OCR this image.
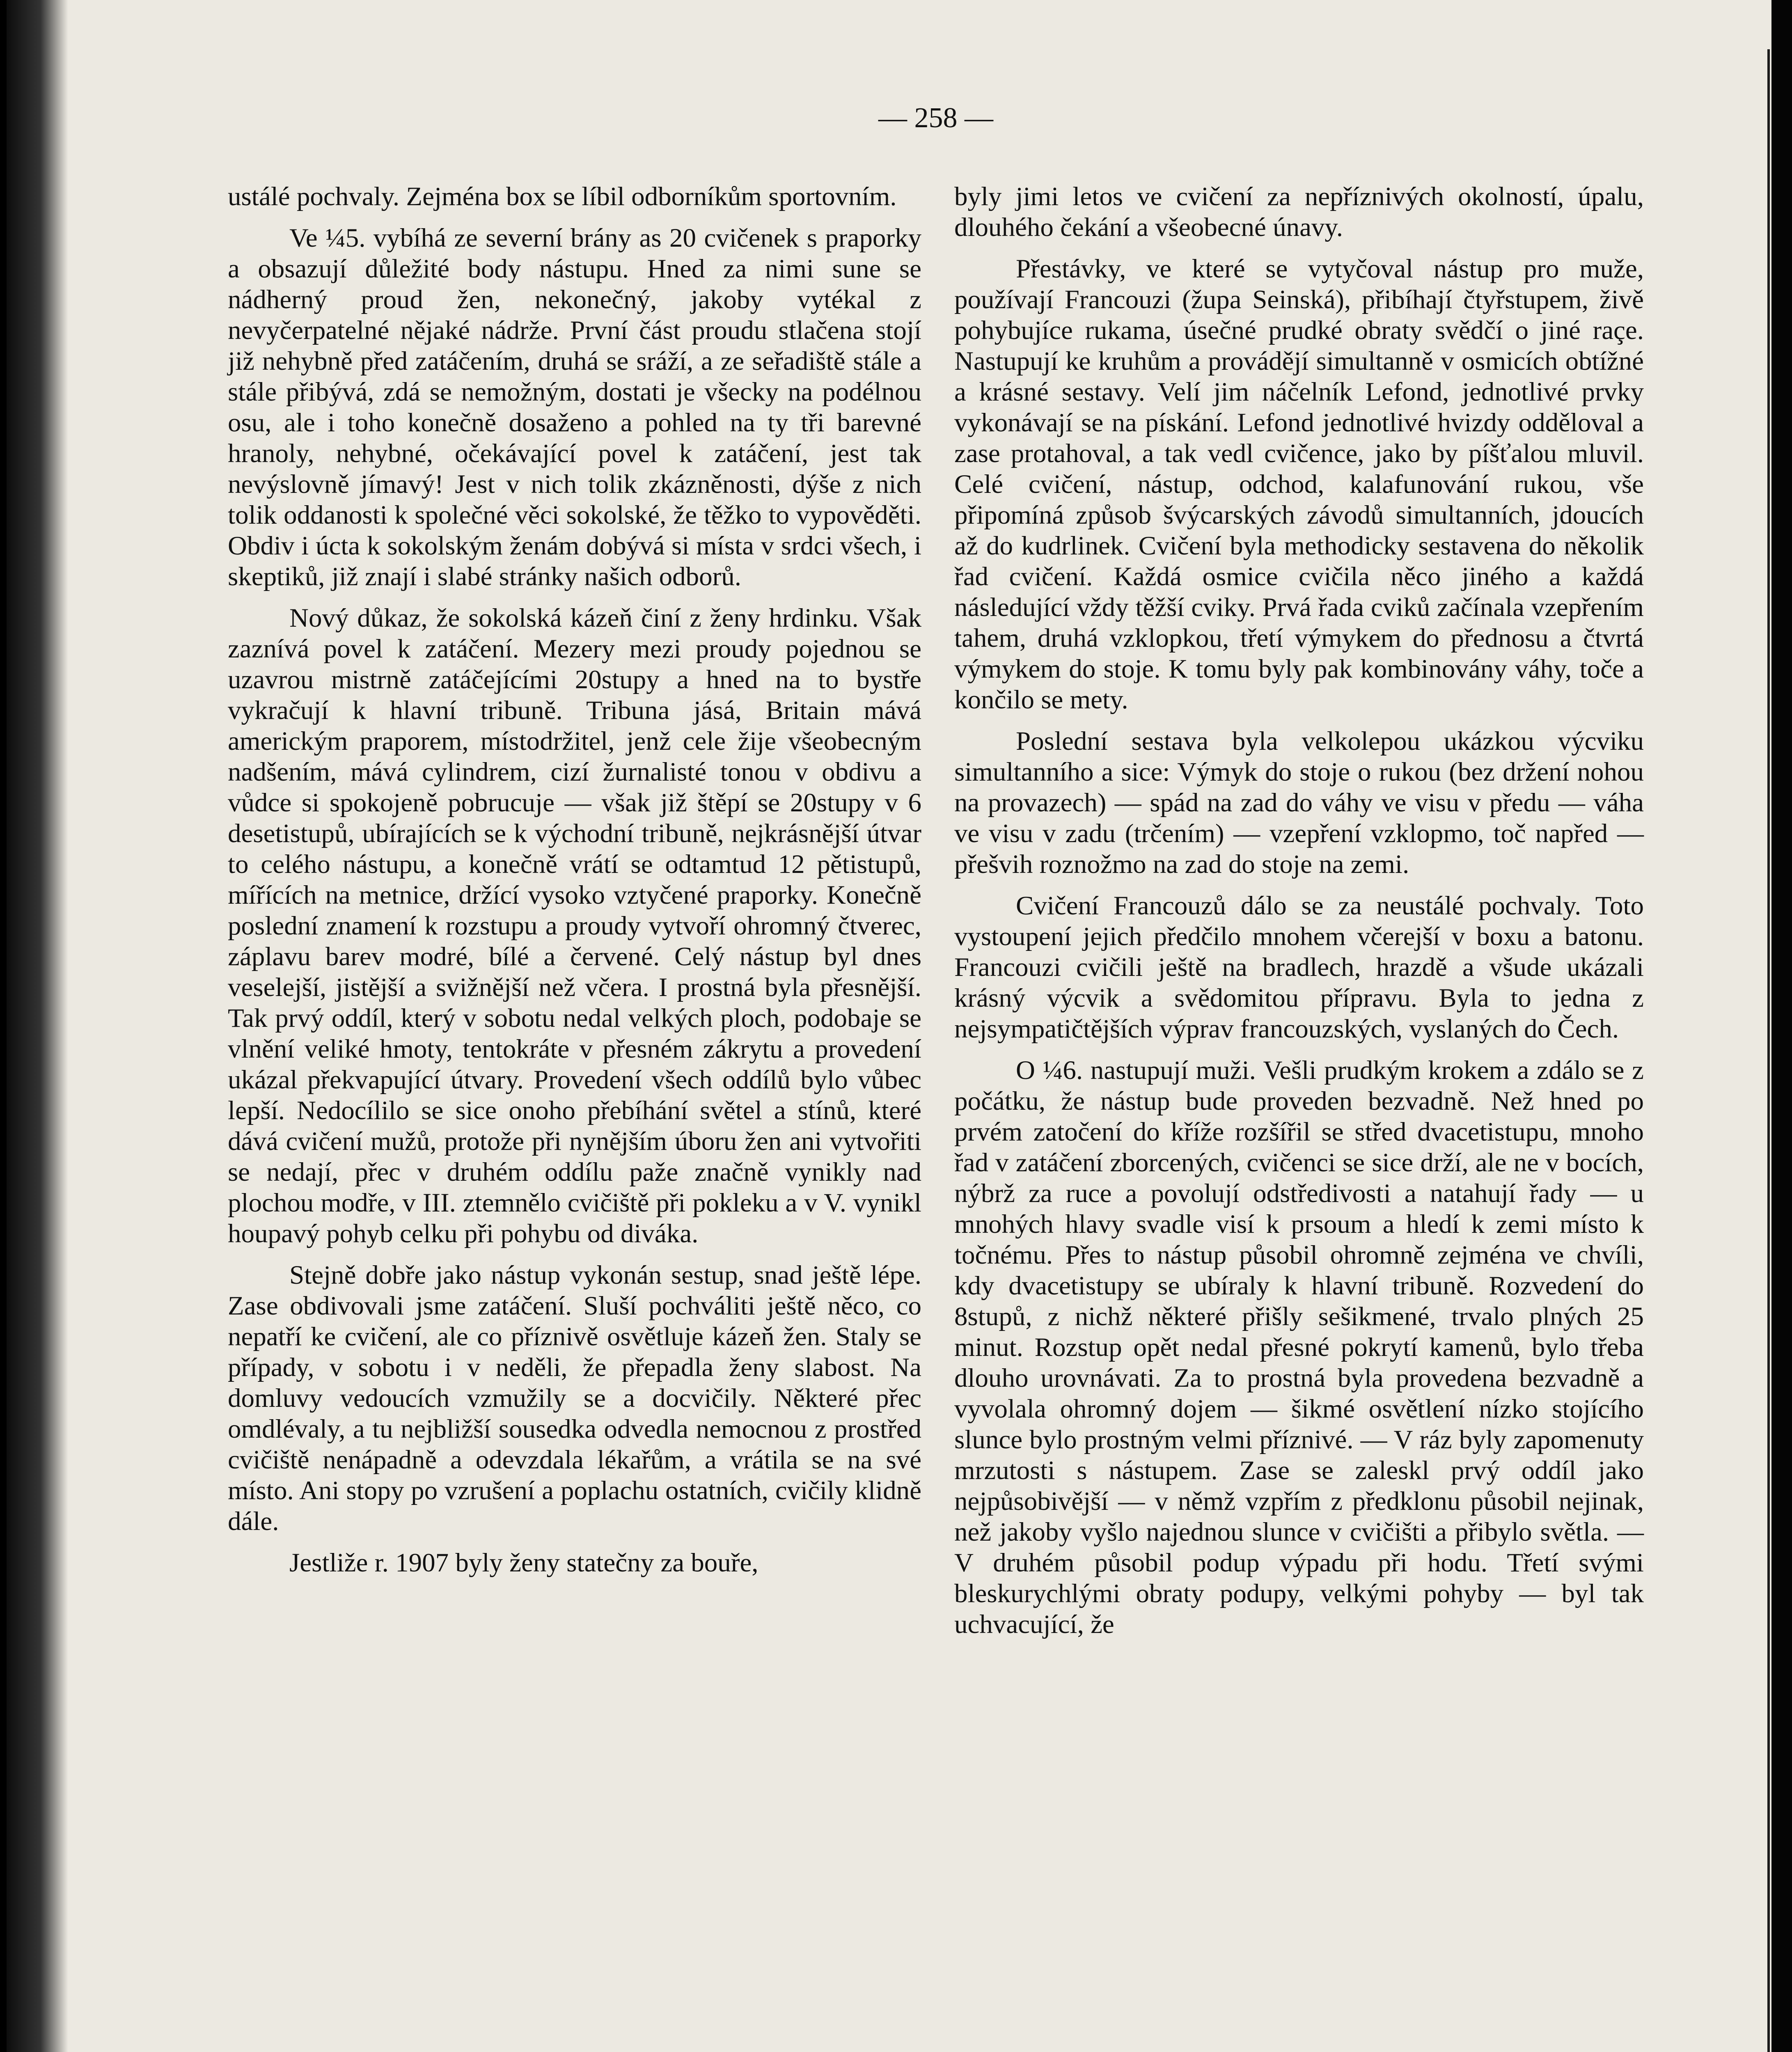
— 258 —

ustálé pochvaly. Zejména box se líbil odborníkům sportovním.

Ve ¼5. vybíhá ze severní brány as 20 cvičenek s praporky a obsazují důležité body nástupu. Hned za nimi sune se nádherný proud žen, nekonečný, jakoby vytékal z nevyčerpatelné nějaké nádrže. První část proudu stlačena stojí již nehybně před zatáčením, druhá se sráží, a ze seřadiště stále a stále přibývá, zdá se nemožným, dostati je všecky na podélnou osu, ale i toho konečně dosaženo a pohled na ty tři barevné hranoly, nehybné, očekávající povel k zatáčení, jest tak nevýslovně jímavý! Jest v nich tolik zkázněnosti, dýše z nich tolik oddanosti k společné věci sokolské, že těžko to vypověděti. Obdiv i úcta k sokolským ženám dobývá si místa v srdci všech, i skeptiků, již znají i slabé stránky našich odborů.

Nový důkaz, že sokolská kázeň činí z ženy hrdinku. Však zaznívá povel k zatáčení. Mezery mezi proudy pojednou se uzavrou mistrně zatáčejícími 20stupy a hned na to bystře vykračují k hlavní tribuně. Tribuna jásá, Britain mává americkým praporem, místodržitel, jenž cele žije všeobecným nadšením, mává cylindrem, cizí žurnalisté tonou v obdivu a vůdce si spokojeně pobrucuje — však již štěpí se 20stupy v 6 desetistupů, ubírajících se k východní tribuně, nejkrásnější útvar to celého nástupu, a konečně vrátí se odtamtud 12 pětistupů, mířících na metnice, držící vysoko vztyčené praporky. Konečně poslední znamení k rozstupu a proudy vytvoří ohromný čtverec, záplavu barev modré, bílé a červené. Celý nástup byl dnes veselejší, jistější a svižnější než včera. I prostná byla přesnější. Tak prvý oddíl, který v sobotu nedal velkých ploch, podobaje se vlnění veliké hmoty, tentokráte v přesném zákrytu a provedení ukázal překvapující útvary. Provedení všech oddílů bylo vůbec lepší. Nedocílilo se sice onoho přebíhání světel a stínů, které dává cvičení mužů, protože při nynějším úboru žen ani vytvořiti se nedají, přec v druhém oddílu paže značně vynikly nad plochou modře, v III. ztemnělo cvičiště při pokleku a v V. vynikl houpavý pohyb celku při pohybu od diváka.

Stejně dobře jako nástup vykonán sestup, snad ještě lépe. Zase obdivovali jsme zatáčení. Sluší pochváliti ještě něco, co nepatří ke cvičení, ale co příznivě osvětluje kázeň žen. Staly se případy, v sobotu i v neděli, že přepadla ženy slabost. Na domluvy vedoucích vzmužily se a docvičily. Některé přec omdlévaly, a tu nejbližší sousedka odvedla nemocnou z prostřed cvičiště nenápadně a odevzdala lékařům, a vrátila se na své místo. Ani stopy po vzrušení a poplachu ostatních, cvičily klidně dále.

Jestliže r. 1907 byly ženy statečny za bouře,

byly jimi letos ve cvičení za nepříznivých okolností, úpalu, dlouhého čekání a všeobecné únavy.

Přestávky, ve které se vytyčoval nástup pro muže, používají Francouzi (župa Seinská), přibíhají čtyřstupem, živě pohybujíce rukama, úsečné prudké obraty svědčí o jiné raçe. Nastupují ke kruhům a provádějí simultanně v osmicích obtížné a krásné sestavy. Velí jim náčelník Lefond, jednotlivé prvky vykonávají se na pískání. Lefond jednotlivé hvizdy odděloval a zase protahoval, a tak vedl cvičence, jako by píšťalou mluvil. Celé cvičení, nástup, odchod, kalafunování rukou, vše připomíná způsob švýcarských závodů simultanních, jdoucích až do kudrlinek. Cvičení byla methodicky sestavena do několik řad cvičení. Každá osmice cvičila něco jiného a každá následující vždy těžší cviky. Prvá řada cviků začínala vzepřením tahem, druhá vzklopkou, třetí výmykem do přednosu a čtvrtá výmykem do stoje. K tomu byly pak kombinovány váhy, toče a končilo se mety.

Poslední sestava byla velkolepou ukázkou výcviku simultanního a sice: Výmyk do stoje o rukou (bez držení nohou na provazech) — spád na zad do váhy ve visu v předu — váha ve visu v zadu (trčením) — vzepření vzklopmo, toč napřed — přešvih roznožmo na zad do stoje na zemi.

Cvičení Francouzů dálo se za neustálé pochvaly. Toto vystoupení jejich předčilo mnohem včerejší v boxu a batonu. Francouzi cvičili ještě na bradlech, hrazdě a všude ukázali krásný výcvik a svědomitou přípravu. Byla to jedna z nejsympatičtějších výprav francouzských, vyslaných do Čech.

O ¼6. nastupují muži. Vešli prudkým krokem a zdálo se z počátku, že nástup bude proveden bezvadně. Než hned po prvém zatočení do kříže rozšířil se střed dvacetistupu, mnoho řad v zatáčení zborcených, cvičenci se sice drží, ale ne v bocích, nýbrž za ruce a povolují odstředivosti a natahují řady — u mnohých hlavy svadle visí k prsoum a hledí k zemi místo k točnému. Přes to nástup působil ohromně zejména ve chvíli, kdy dvacetistupy se ubíraly k hlavní tribuně. Rozvedení do 8stupů, z nichž některé přišly sešikmené, trvalo plných 25 minut. Rozstup opět nedal přesné pokrytí kamenů, bylo třeba dlouho urovnávati. Za to prostná byla provedena bezvadně a vyvolala ohromný dojem — šikmé osvětlení nízko stojícího slunce bylo prostným velmi příznivé. — V ráz byly zapomenuty mrzutosti s nástupem. Zase se zaleskl prvý oddíl jako nejpůsobivější — v němž vzpřím z předklonu působil nejinak, než jakoby vyšlo najednou slunce v cvičišti a přibylo světla. — V druhém působil podup výpadu při hodu. Třetí svými bleskurychlými obraty podupy, velkými pohyby — byl tak uchvacující, že
